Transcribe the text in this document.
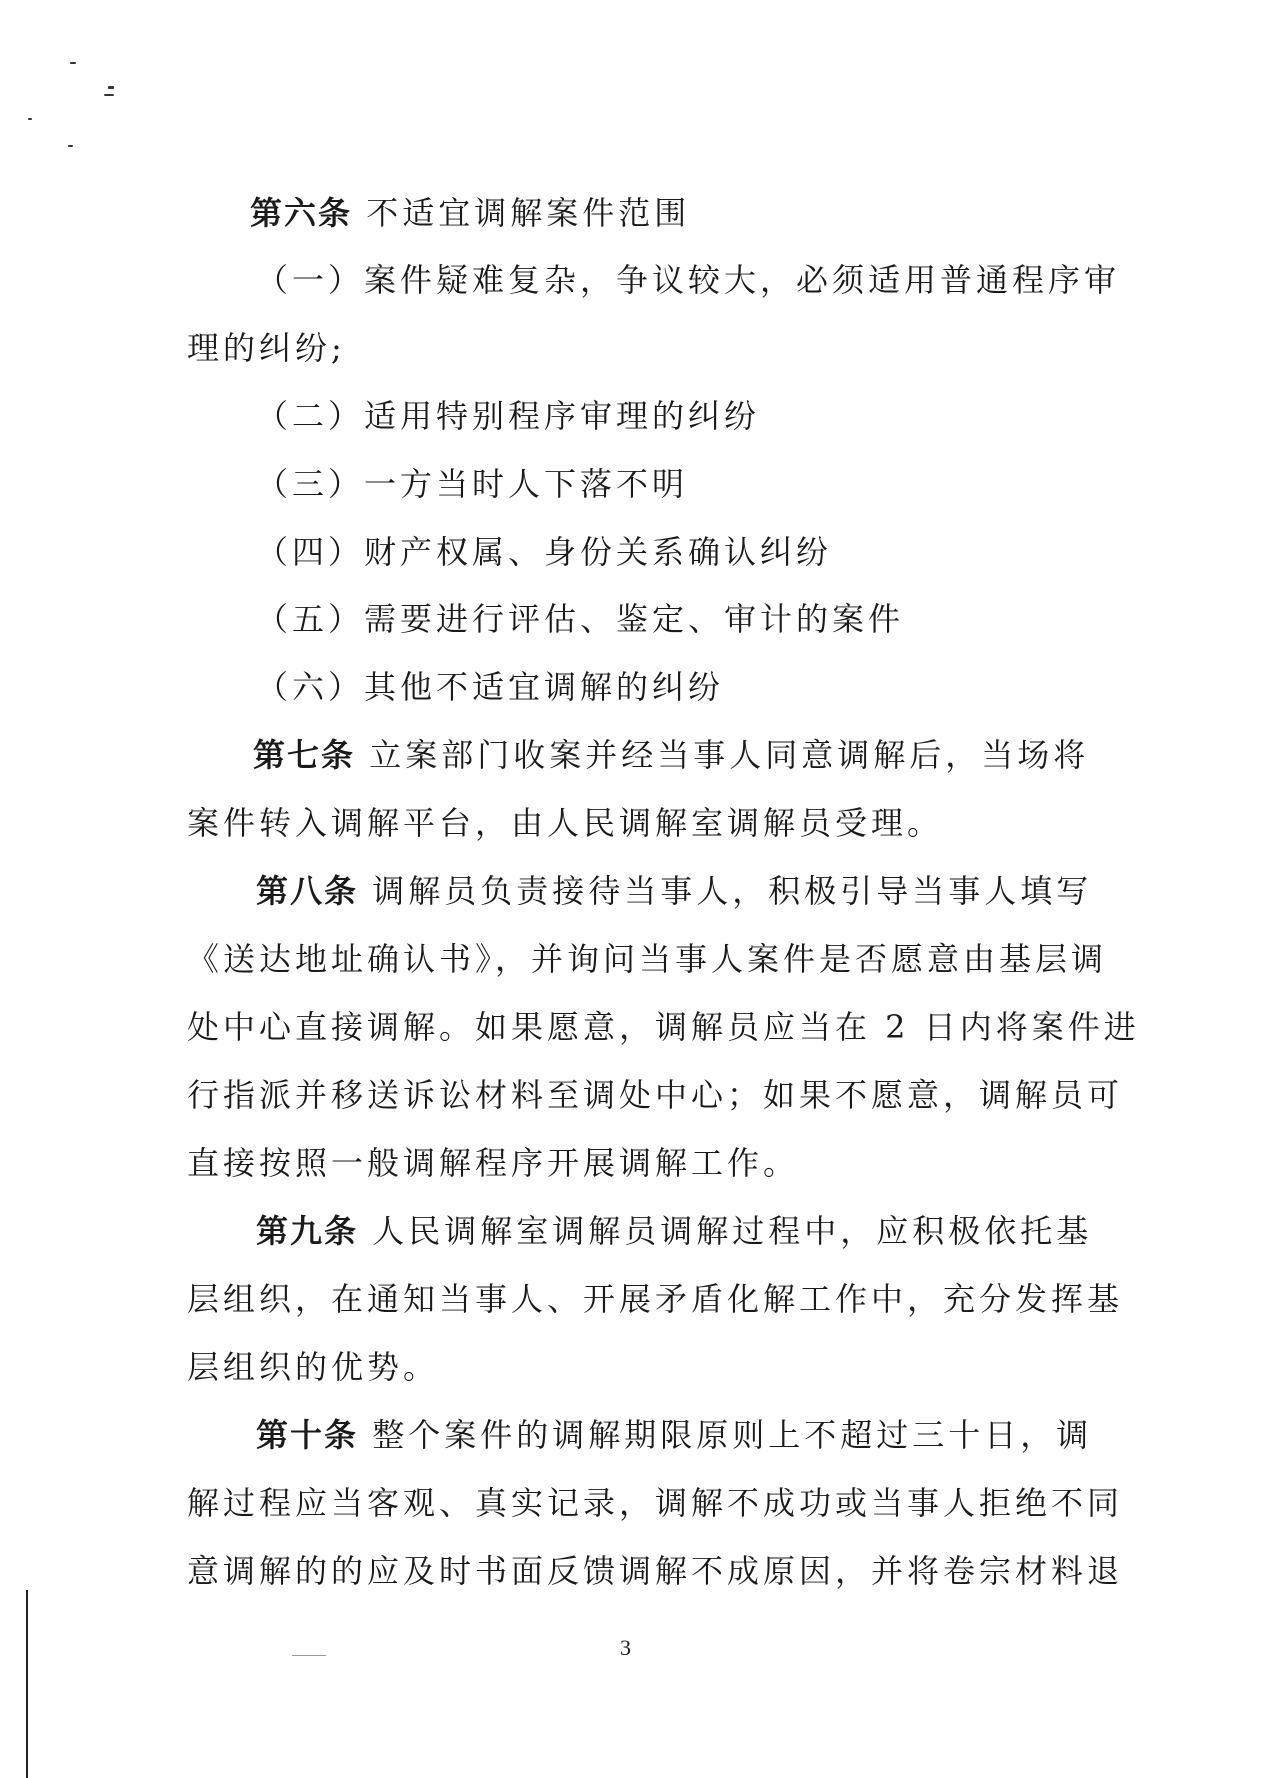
第六条 不适宜调解案件范围
（一）案件疑难复杂，争议较大，必须适用普通程序审
理的纠纷;
（二）适用特别程序审理的纠纷
（三）一方当时人下落不明
（四）财产权属、身份关系确认纠纷
（五）需要进行评估、鉴定、审计的案件
（六）其他不适宜调解的纠纷
第七条 立案部门收案并经当事人同意调解后，当场将
案件转入调解平台，由人民调解室调解员受理。
第八条 调解员负责接待当事人，积极引导当事人填写
《送达地址确认书》，并询问当事人案件是否愿意由基层调
处中心直接调解。如果愿意，调解员应当在 2 日内将案件进
行指派并移送诉讼材料至调处中心；如果不愿意，调解员可
直接按照一般调解程序开展调解工作。
第九条 人民调解室调解员调解过程中，应积极依托基
层组织，在通知当事人、开展矛盾化解工作中，充分发挥基
层组织的优势。
第十条 整个案件的调解期限原则上不超过三十日，调
解过程应当客观、真实记录，调解不成功或当事人拒绝不同
意调解的的应及时书面反馈调解不成原因，并将卷宗材料退
3
